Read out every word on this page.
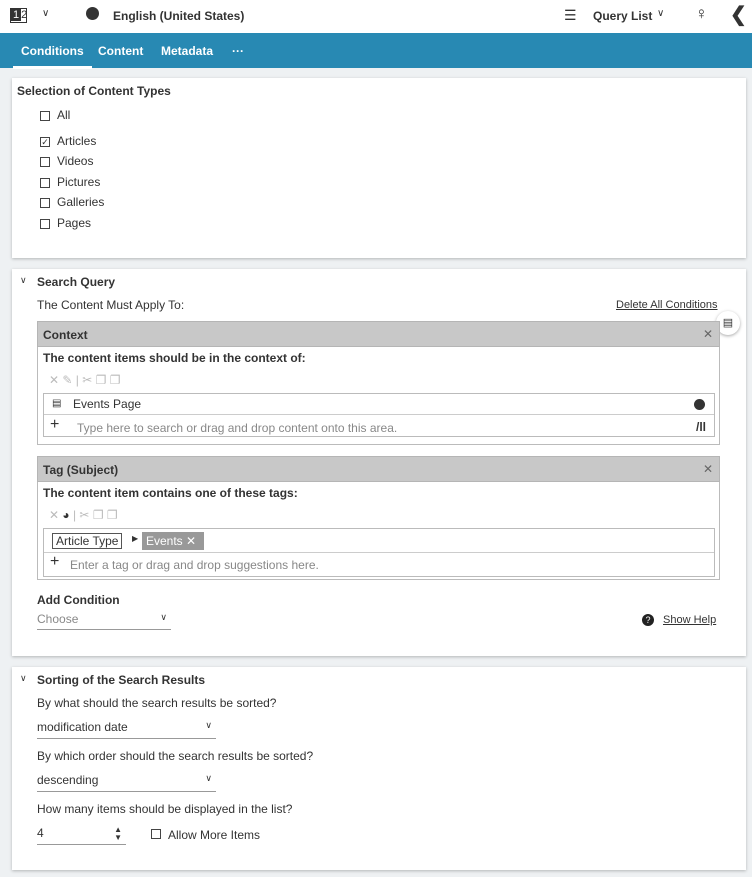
1 2 ∨	English (United States)	☰ Query List ∨ ♀ ❮
Conditions Content Metadata ···
Selection of Content Types
All
✓ Articles
Videos
Pictures
Galleries
Pages
∨ Search Query
The Content Must Apply To:	Delete All Conditions
▤
Context	✕
The content items should be in the context of:
✕ ✎ | ✂ ❐ ❐
▤ Events Page
+ Type here to search or drag and drop content onto this area.	/ll
Tag (Subject)	✕
The content item contains one of these tags:
✕ ◕ | ✂ ❐ ❐
Article Type	▶ Events ✕
+ Enter a tag or drag and drop suggestions here.
Add Condition
Choose	∨	?	Show Help
∨ Sorting of the Search Results
By what should the search results be sorted?
modification date	∨
By which order should the search results be sorted?
descending	∨
How many items should be displayed in the list?
4	▲
▼	Allow More Items
